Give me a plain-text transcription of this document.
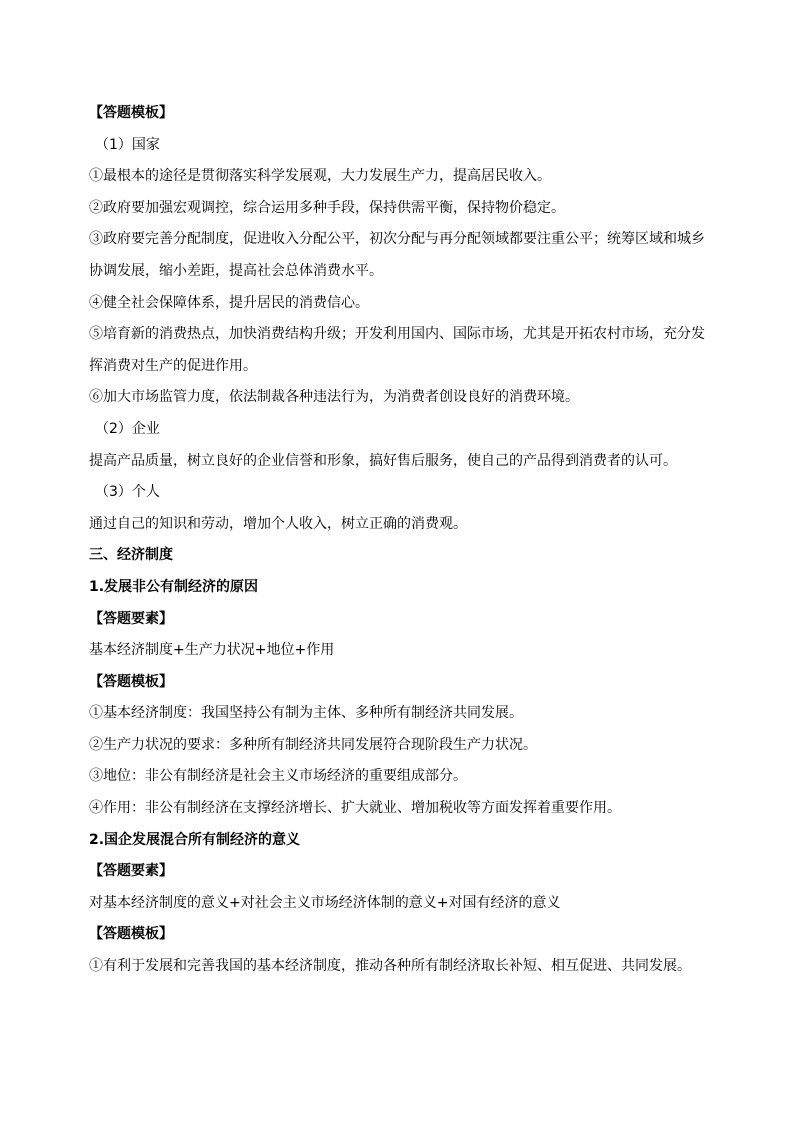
【答题模板】
（1）国家
①最根本的途径是贯彻落实科学发展观，大力发展生产力，提高居民收入。
②政府要加强宏观调控，综合运用多种手段，保持供需平衡，保持物价稳定。
③政府要完善分配制度，促进收入分配公平，初次分配与再分配领域都要注重公平；统筹区域和城乡
协调发展，缩小差距，提高社会总体消费水平。
④健全社会保障体系，提升居民的消费信心。
⑤培育新的消费热点，加快消费结构升级；开发利用国内、国际市场，尤其是开拓农村市场，充分发
挥消费对生产的促进作用。
⑥加大市场监管力度，依法制裁各种违法行为，为消费者创设良好的消费环境。
（2）企业
提高产品质量，树立良好的企业信誉和形象，搞好售后服务，使自己的产品得到消费者的认可。
（3）个人
通过自己的知识和劳动，增加个人收入，树立正确的消费观。
三、经济制度
1.发展非公有制经济的原因
【答题要素】
基本经济制度+生产力状况+地位+作用
【答题模板】
①基本经济制度：我国坚持公有制为主体、多种所有制经济共同发展。
②生产力状况的要求：多种所有制经济共同发展符合现阶段生产力状况。
③地位：非公有制经济是社会主义市场经济的重要组成部分。
④作用：非公有制经济在支撑经济增长、扩大就业、增加税收等方面发挥着重要作用。
2.国企发展混合所有制经济的意义
【答题要素】
对基本经济制度的意义+对社会主义市场经济体制的意义+对国有经济的意义
【答题模板】
①有利于发展和完善我国的基本经济制度，推动各种所有制经济取长补短、相互促进、共同发展。
